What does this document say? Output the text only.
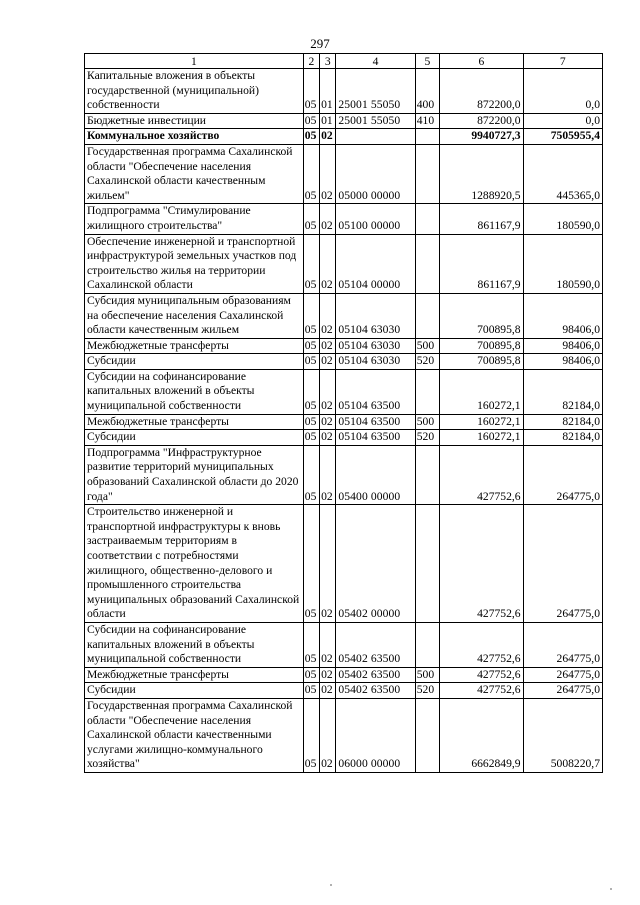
297
1	2	3	4	5	6	7
Капитальные вложения в объекты государственной (муниципальной) собственности	05	01	25001 55050	400	872200,0	0,0
Бюджетные инвестиции	05	01	25001 55050	410	872200,0	0,0
Коммунальное хозяйство	05	02			9940727,3	7505955,4
Государственная программа Сахалинской области "Обеспечение населения Сахалинской области качественным жильем"	05	02	05000 00000		1288920,5	445365,0
Подпрограмма "Стимулирование жилищного строительства"	05	02	05100 00000		861167,9	180590,0
Обеспечение инженерной и транспортной инфраструктурой земельных участков под строительство жилья на территории Сахалинской области	05	02	05104 00000		861167,9	180590,0
Субсидия муниципальным образованиям на обеспечение населения Сахалинской области качественным жильем	05	02	05104 63030		700895,8	98406,0
Межбюджетные трансферты	05	02	05104 63030	500	700895,8	98406,0
Субсидии	05	02	05104 63030	520	700895,8	98406,0
Субсидии на софинансирование капитальных вложений в объекты муниципальной собственности	05	02	05104 63500		160272,1	82184,0
Межбюджетные трансферты	05	02	05104 63500	500	160272,1	82184,0
Субсидии	05	02	05104 63500	520	160272,1	82184,0
Подпрограмма "Инфраструктурное развитие территорий муниципальных образований Сахалинской области до 2020 года"	05	02	05400 00000		427752,6	264775,0
Строительство инженерной и транспортной инфраструктуры к вновь застраиваемым территориям в соответствии с потребностями жилищного, общественно-делового и промышленного строительства муниципальных образований Сахалинской области	05	02	05402 00000		427752,6	264775,0
Субсидии на софинансирование капитальных вложений в объекты муниципальной собственности	05	02	05402 63500		427752,6	264775,0
Межбюджетные трансферты	05	02	05402 63500	500	427752,6	264775,0
Субсидии	05	02	05402 63500	520	427752,6	264775,0
Государственная программа Сахалинской области "Обеспечение населения Сахалинской области качественными услугами жилищно-коммунального хозяйства"	05	02	06000 00000		6662849,9	5008220,7
